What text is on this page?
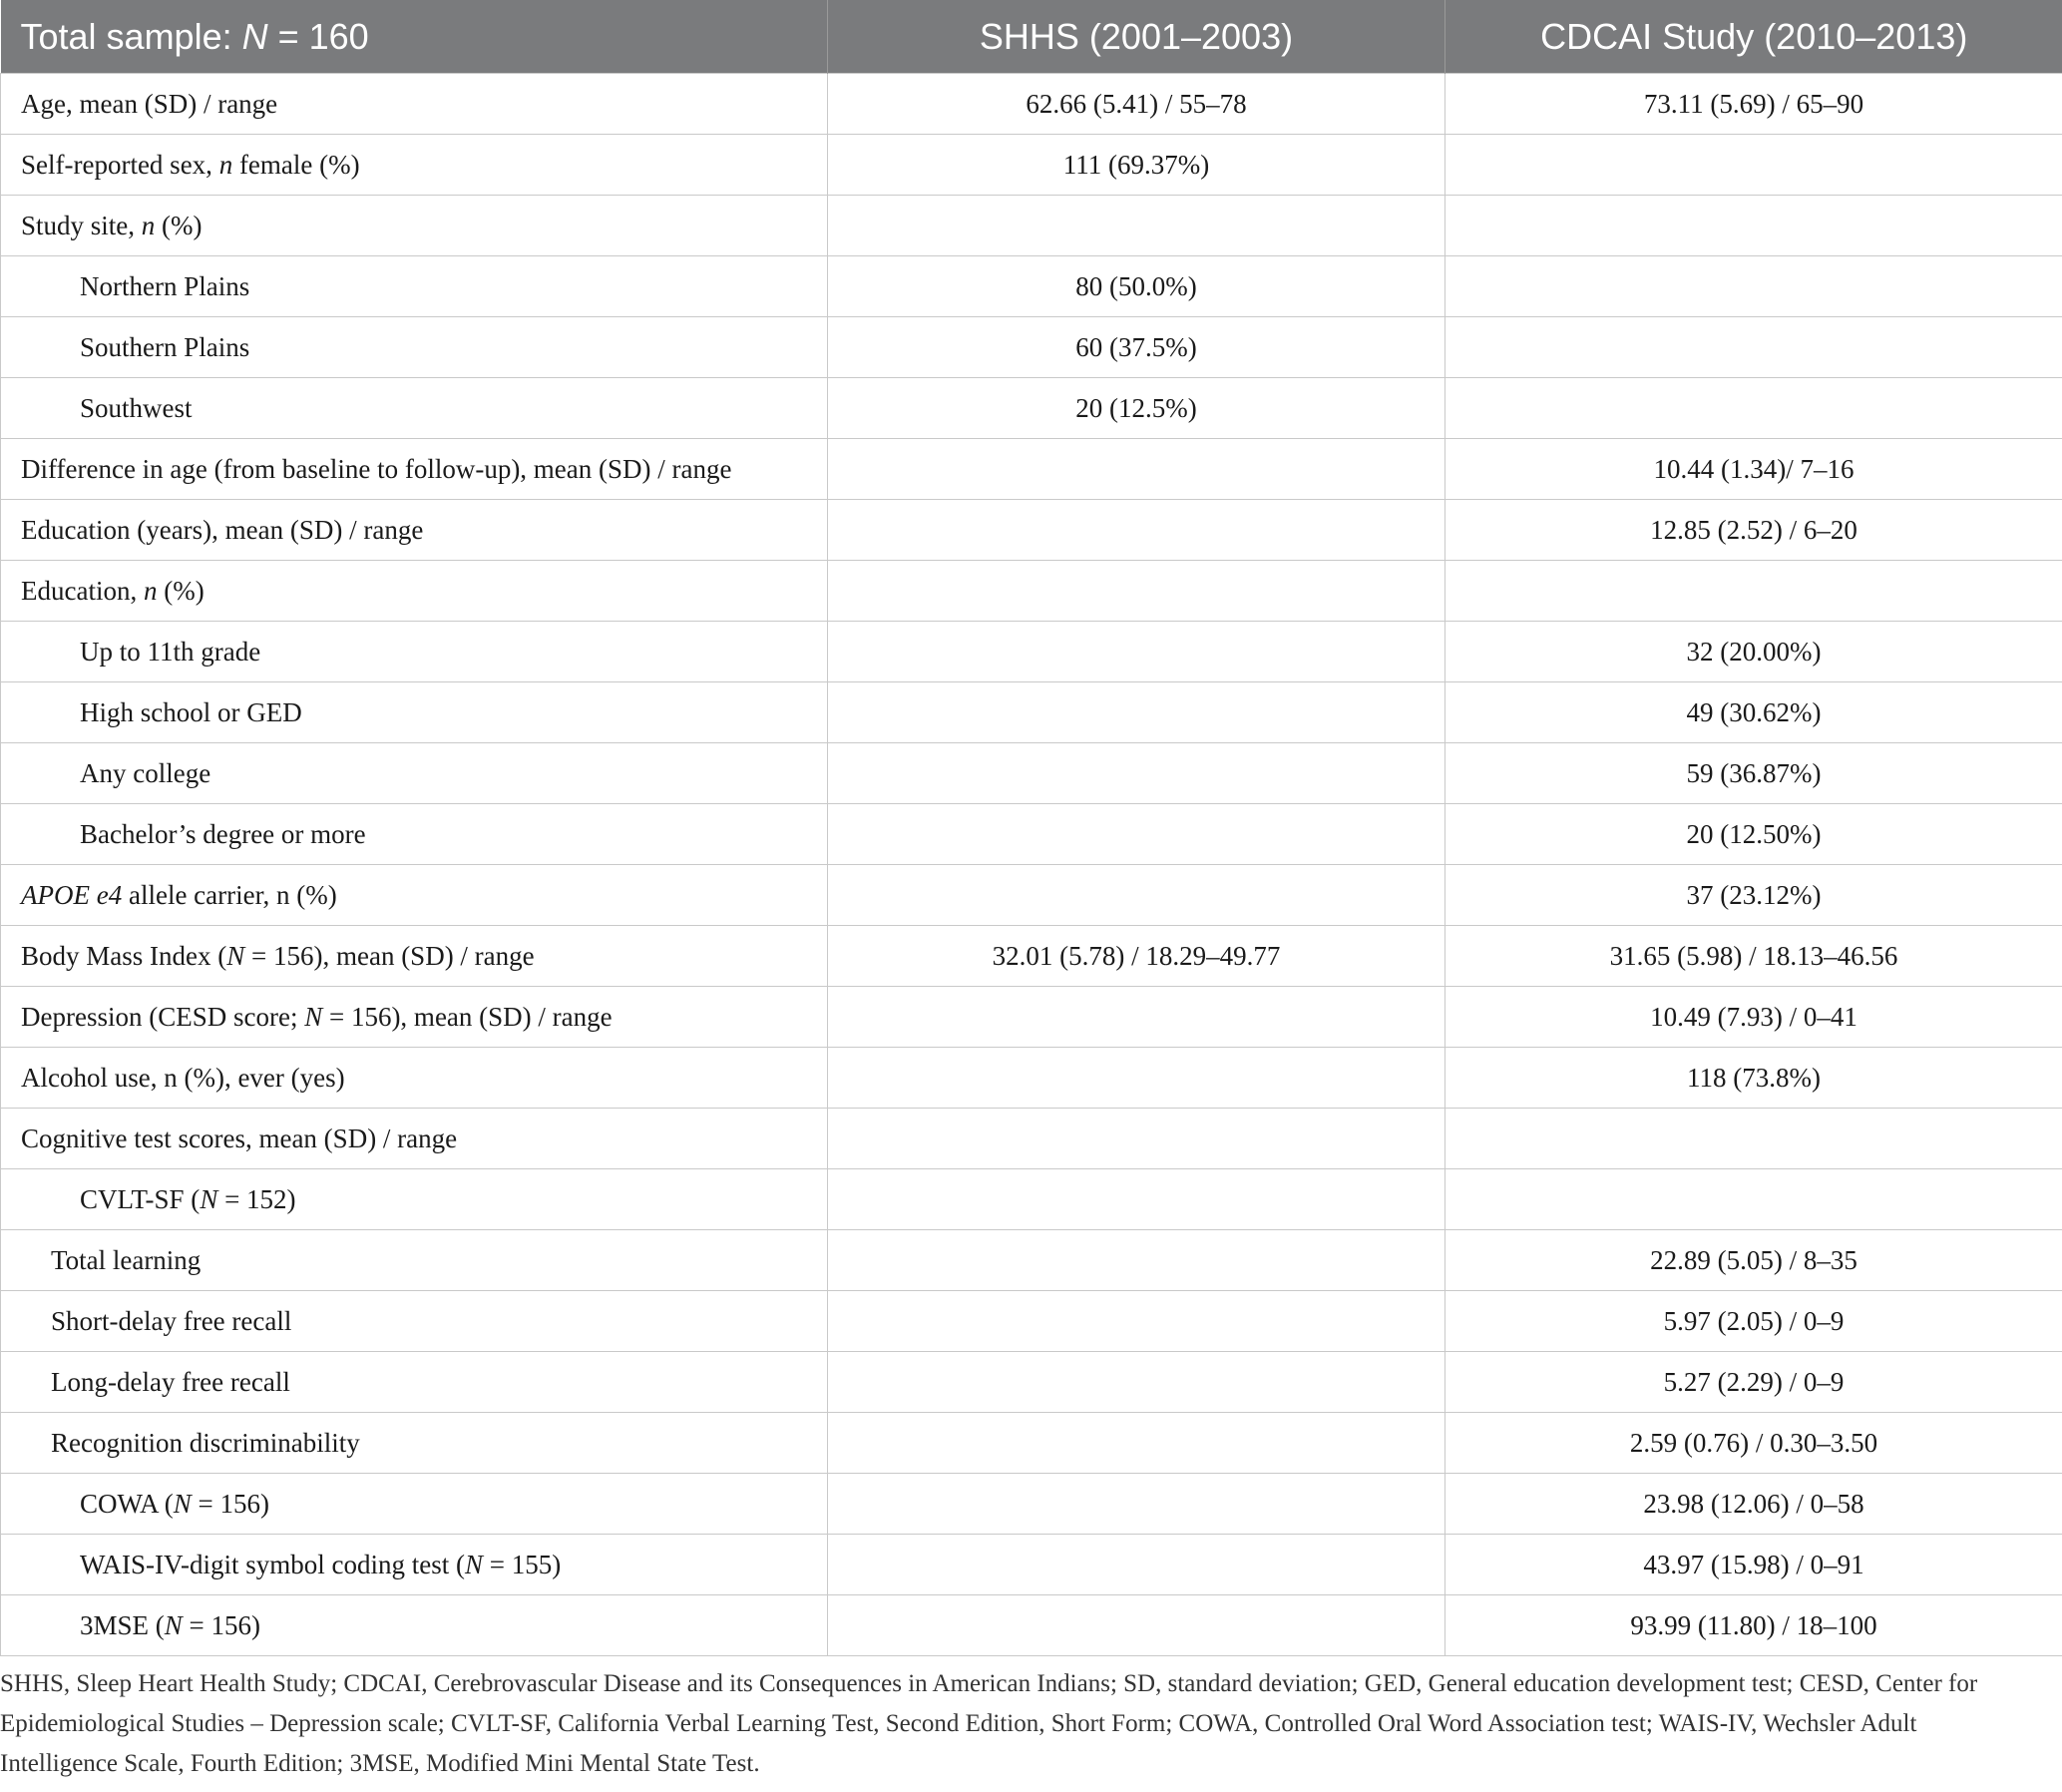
Total sample: N = 160	SHHS (2001–2003)	CDCAI Study (2010–2013)
Age, mean (SD) / range	62.66 (5.41) / 55–78	73.11 (5.69) / 65–90
Self-reported sex, n female (%)	111 (69.37%)	
Study site, n (%)		
Northern Plains	80 (50.0%)	
Southern Plains	60 (37.5%)	
Southwest	20 (12.5%)	
Difference in age (from baseline to follow-up), mean (SD) / range		10.44 (1.34)/ 7–16
Education (years), mean (SD) / range		12.85 (2.52) / 6–20
Education, n (%)		
Up to 11th grade		32 (20.00%)
High school or GED		49 (30.62%)
Any college		59 (36.87%)
Bachelor’s degree or more		20 (12.50%)
APOE e4 allele carrier, n (%)		37 (23.12%)
Body Mass Index (N = 156), mean (SD) / range	32.01 (5.78) / 18.29–49.77	31.65 (5.98) / 18.13–46.56
Depression (CESD score; N = 156), mean (SD) / range		10.49 (7.93) / 0–41
Alcohol use, n (%), ever (yes)		118 (73.8%)
Cognitive test scores, mean (SD) / range		
CVLT-SF (N = 152)		
Total learning		22.89 (5.05) / 8–35
Short-delay free recall		5.97 (2.05) / 0–9
Long-delay free recall		5.27 (2.29) / 0–9
Recognition discriminability		2.59 (0.76) / 0.30–3.50
COWA (N = 156)		23.98 (12.06) / 0–58
WAIS-IV-digit symbol coding test (N = 155)		43.97 (15.98) / 0–91
3MSE (N = 156)		93.99 (11.80) / 18–100

SHHS, Sleep Heart Health Study; CDCAI, Cerebrovascular Disease and its Consequences in American Indians; SD, standard deviation; GED, General education development test; CESD, Center for Epidemiological Studies – Depression scale; CVLT-SF, California Verbal Learning Test, Second Edition, Short Form; COWA, Controlled Oral Word Association test; WAIS-IV, Wechsler Adult Intelligence Scale, Fourth Edition; 3MSE, Modified Mini Mental State Test.
